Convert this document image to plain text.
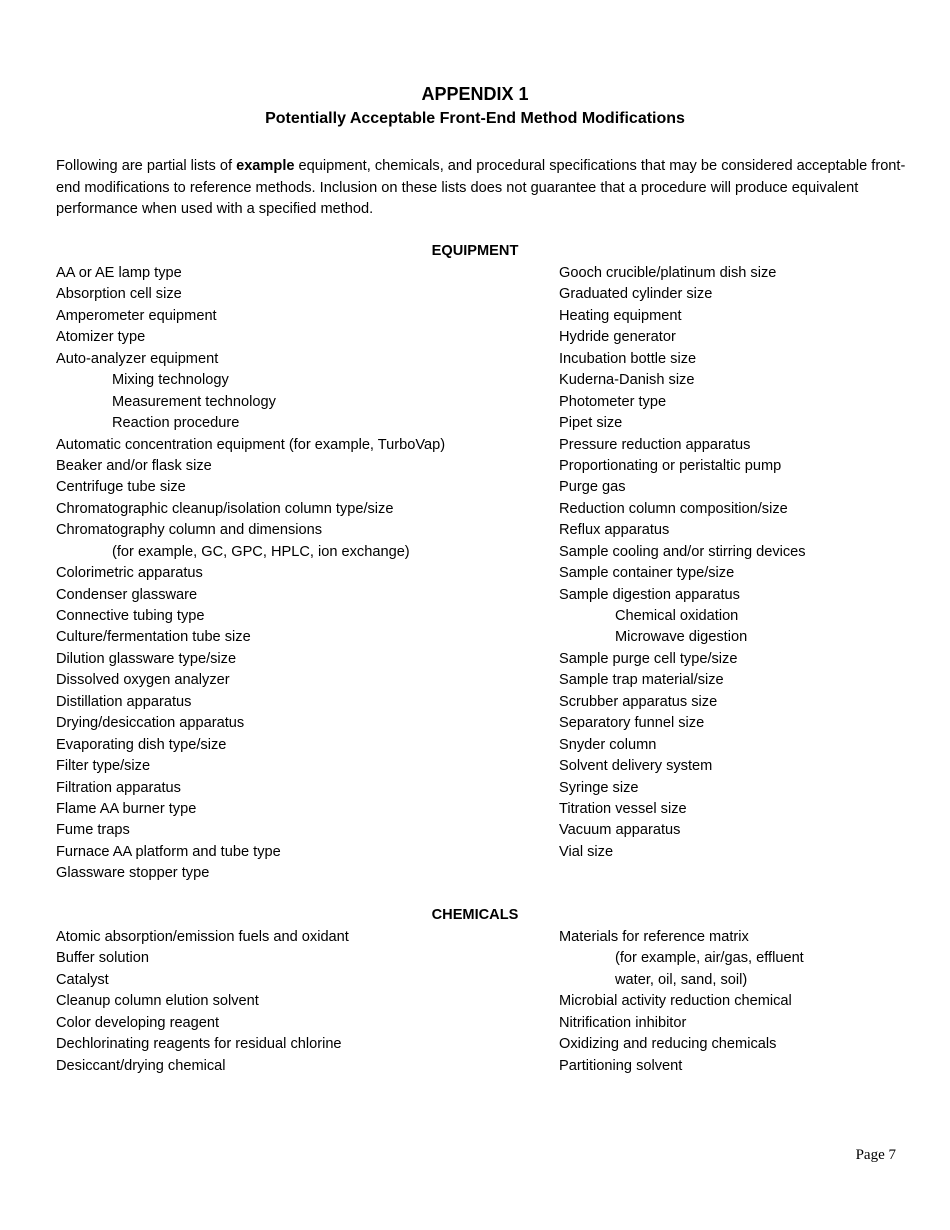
APPENDIX 1
Potentially Acceptable Front-End Method Modifications
Following are partial lists of example equipment, chemicals, and procedural specifications that may be considered acceptable front-end modifications to reference methods. Inclusion on these lists does not guarantee that a procedure will produce equivalent performance when used with a specified method.
EQUIPMENT
AA or AE lamp type
Absorption cell size
Amperometer equipment
Atomizer type
Auto-analyzer equipment
Mixing technology
Measurement technology
Reaction procedure
Automatic concentration equipment (for example, TurboVap)
Beaker and/or flask size
Centrifuge tube size
Chromatographic cleanup/isolation column type/size
Chromatography column and dimensions
(for example, GC, GPC, HPLC, ion exchange)
Colorimetric apparatus
Condenser glassware
Connective tubing type
Culture/fermentation tube size
Dilution glassware type/size
Dissolved oxygen analyzer
Distillation apparatus
Drying/desiccation apparatus
Evaporating dish type/size
Filter type/size
Filtration apparatus
Flame AA burner type
Fume traps
Furnace AA platform and tube type
Glassware stopper type
Gooch crucible/platinum dish size
Graduated cylinder size
Heating equipment
Hydride generator
Incubation bottle size
Kuderna-Danish size
Photometer type
Pipet size
Pressure reduction apparatus
Proportionating or peristaltic pump
Purge gas
Reduction column composition/size
Reflux apparatus
Sample cooling and/or stirring devices
Sample container type/size
Sample digestion apparatus
Chemical oxidation
Microwave digestion
Sample purge cell type/size
Sample trap material/size
Scrubber apparatus size
Separatory funnel size
Snyder column
Solvent delivery system
Syringe size
Titration vessel size
Vacuum apparatus
Vial size
CHEMICALS
Atomic absorption/emission fuels and oxidant
Buffer solution
Catalyst
Cleanup column elution solvent
Color developing reagent
Dechlorinating reagents for residual chlorine
Desiccant/drying chemical
Materials for reference matrix
(for example, air/gas, effluent
water, oil, sand, soil)
Microbial activity reduction chemical
Nitrification inhibitor
Oxidizing and reducing chemicals
Partitioning solvent
Page 7
